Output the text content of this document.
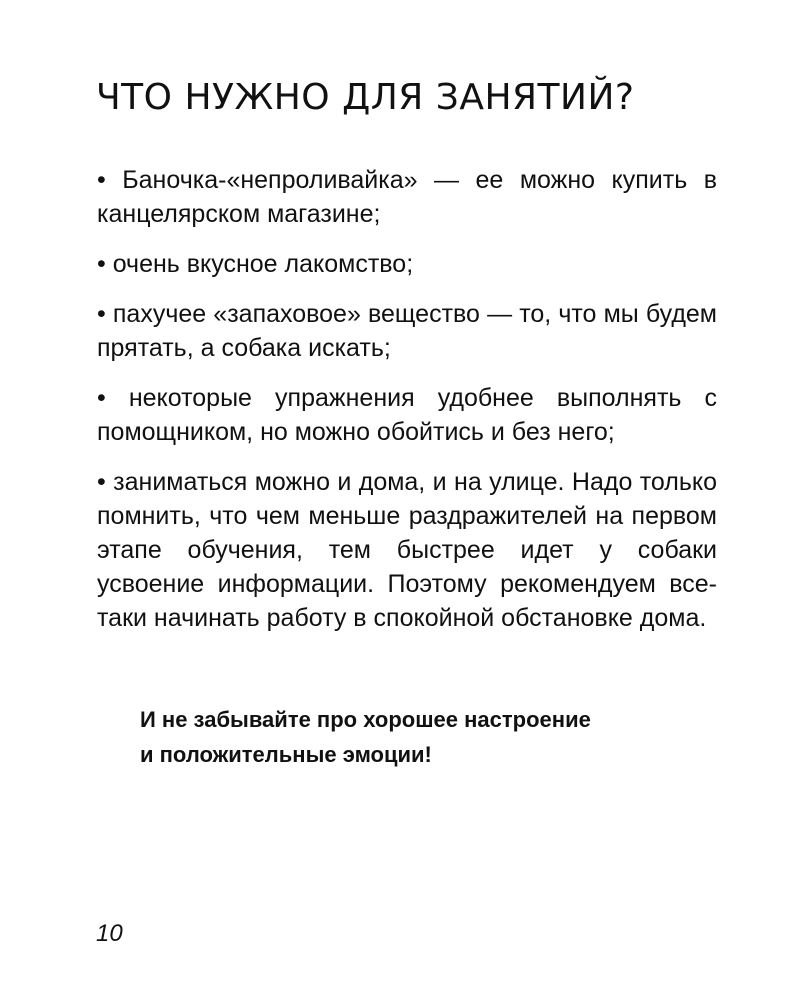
ЧТО НУЖНО ДЛЯ ЗАНЯТИЙ?
• Баночка-«непроливайка» — ее можно купить в канцелярском магазине;
• очень вкусное лакомство;
• пахучее «запаховое» вещество — то, что мы будем прятать, а собака искать;
• некоторые упражнения удобнее выполнять с помощником, но можно обойтись и без него;
• заниматься можно и дома, и на улице. Надо только помнить, что чем меньше раздражителей на первом этапе обучения, тем быстрее идет у собаки усвоение информации. Поэтому рекомендуем все-таки начинать работу в спокойной обстановке дома.

И не забывайте про хорошее настроение
и положительные эмоции!

10
